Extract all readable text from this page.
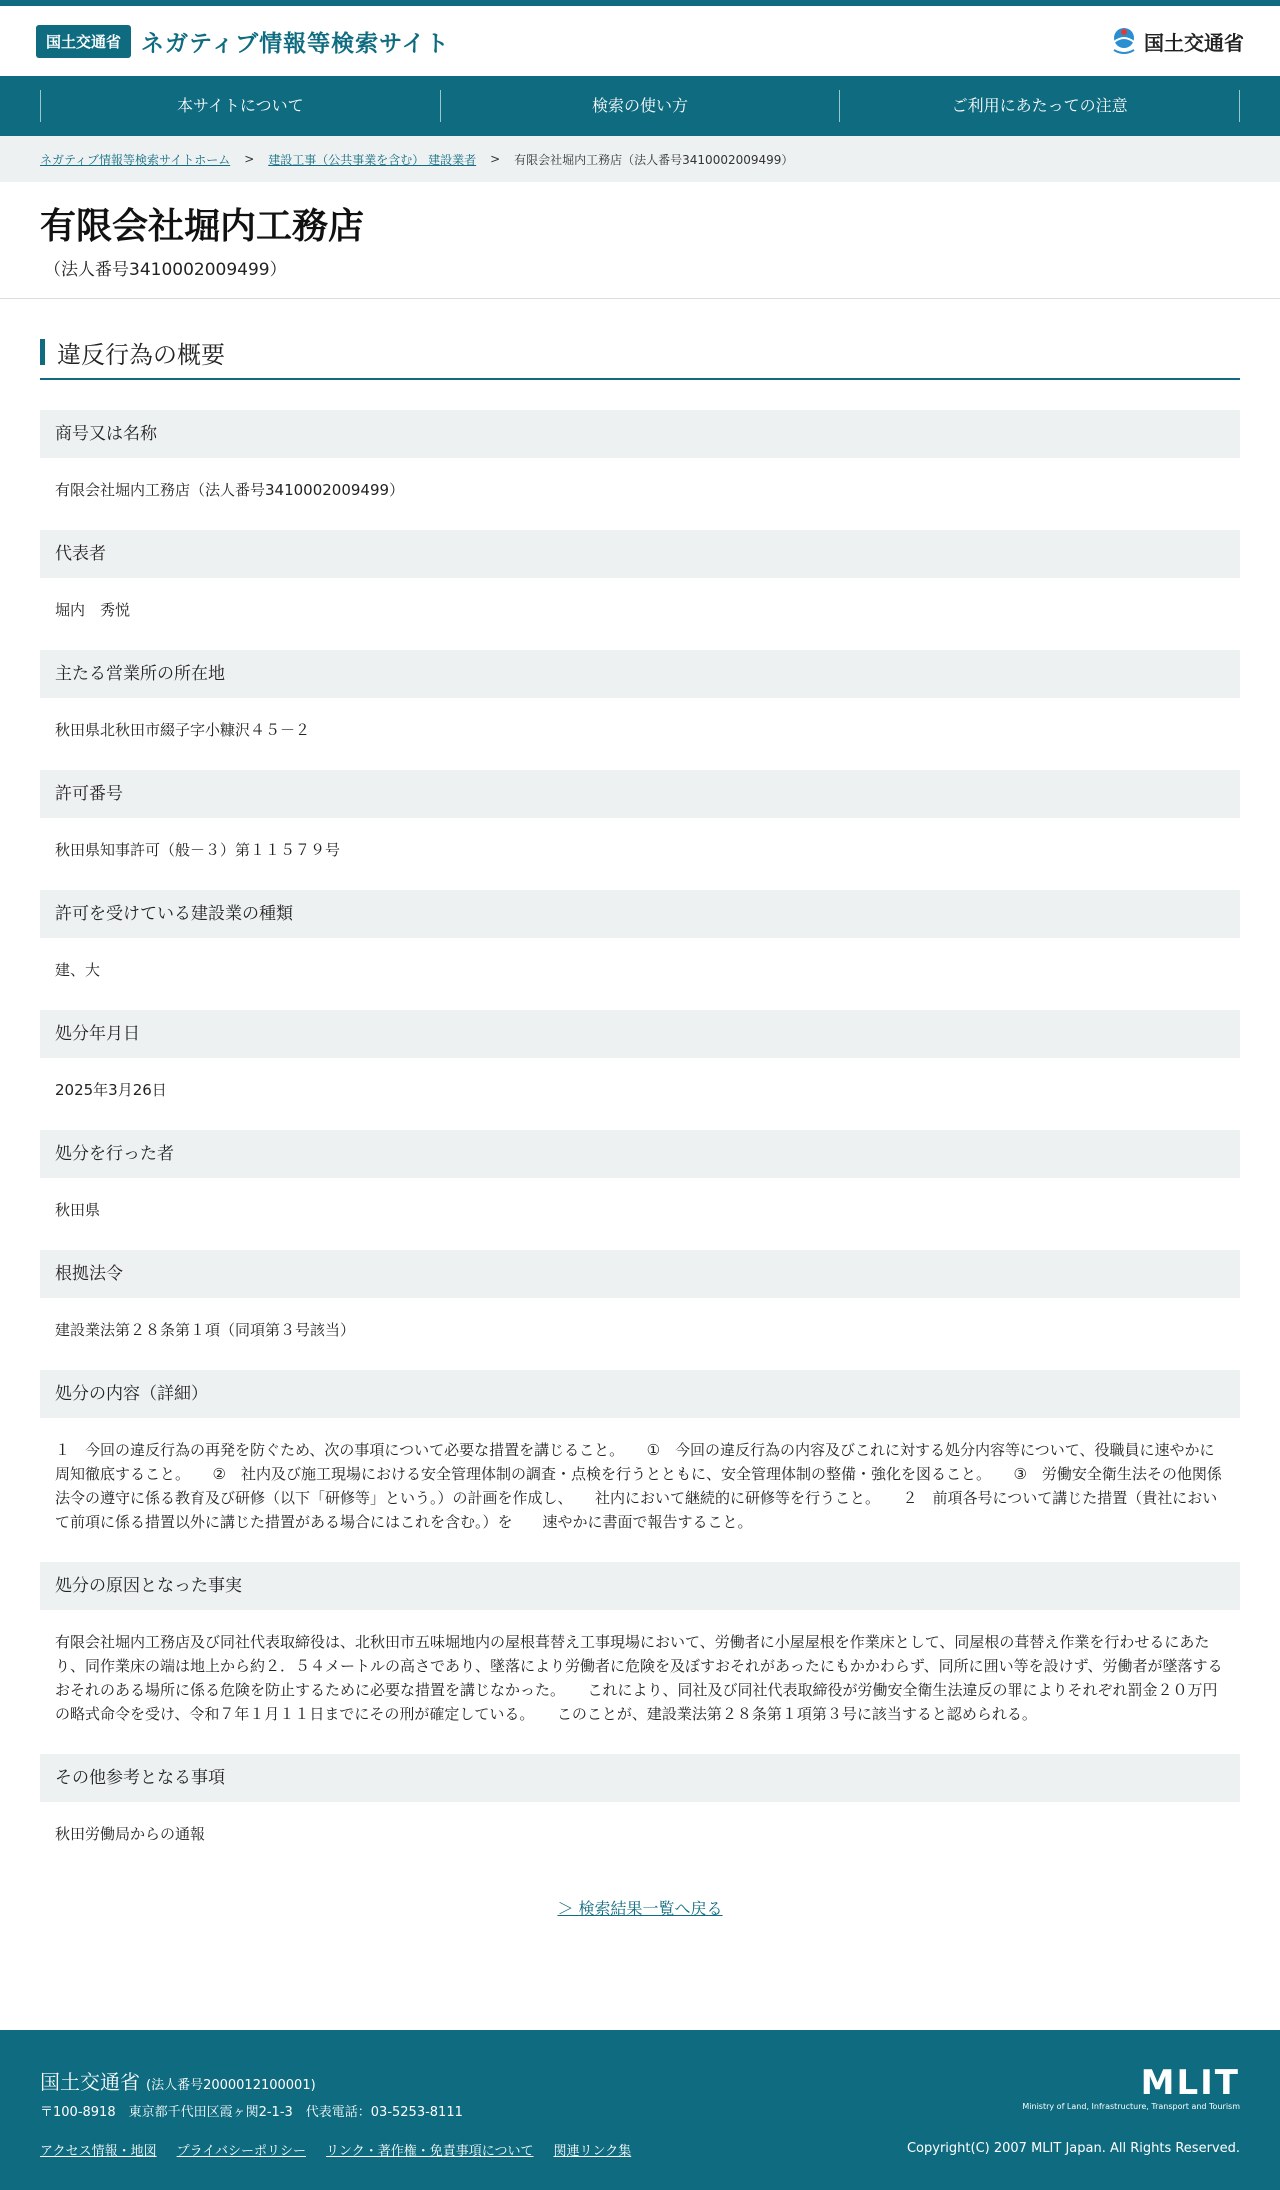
国土交通省 ネガティブ情報等検索サイト	国土交通省
本サイトについて	検索の使い方	ご利用にあたっての注意
ネガティブ情報等検索サイトホーム > 建設工事（公共事業を含む） 建設業者 > 有限会社堀内工務店（法人番号3410002009499）
有限会社堀内工務店
（法人番号3410002009499）
違反行為の概要
商号又は名称
有限会社堀内工務店（法人番号3410002009499）
代表者
堀内　秀悦
主たる営業所の所在地
秋田県北秋田市綴子字小糠沢４５－２
許可番号
秋田県知事許可（般－３）第１１５７９号
許可を受けている建設業の種類
建、大
処分年月日
2025年3月26日
処分を行った者
秋田県
根拠法令
建設業法第２８条第１項（同項第３号該当）
処分の内容（詳細）
１　今回の違反行為の再発を防ぐため、次の事項について必要な措置を講じること。　　①　今回の違反行為の内容及びこれに対する処分内容等について、役職員に速やかに周知徹底すること。　　②　社内及び施工現場における安全管理体制の調査・点検を行うとともに、安全管理体制の整備・強化を図ること。　　③　労働安全衛生法その他関係法令の遵守に係る教育及び研修（以下「研修等」という。）の計画を作成し、　　社内において継続的に研修等を行うこと。　　２　前項各号について講じた措置（貴社において前項に係る措置以外に講じた措置がある場合にはこれを含む。）を　　速やかに書面で報告すること。
処分の原因となった事実
有限会社堀内工務店及び同社代表取締役は、北秋田市五味堀地内の屋根葺替え工事現場において、労働者に小屋屋根を作業床として、同屋根の葺替え作業を行わせるにあたり、同作業床の端は地上から約２．５４メートルの高さであり、墜落により労働者に危険を及ぼすおそれがあったにもかかわらず、同所に囲い等を設けず、労働者が墜落するおそれのある場所に係る危険を防止するために必要な措置を講じなかった。　　これにより、同社及び同社代表取締役が労働安全衛生法違反の罪によりそれぞれ罰金２０万円の略式命令を受け、令和７年１月１１日までにその刑が確定している。　　このことが、建設業法第２８条第１項第３号に該当すると認められる。
その他参考となる事項
秋田労働局からの通報
＞ 検索結果一覧へ戻る
国土交通省 (法人番号2000012100001)
〒100-8918　東京都千代田区霞ヶ関2-1-3　代表電話：03-5253-8111
アクセス情報・地図 プライバシーポリシー リンク・著作権・免責事項について 関連リンク集
MLIT
Ministry of Land, Infrastructure, Transport and Tourism
Copyright(C) 2007 MLIT Japan. All Rights Reserved.
